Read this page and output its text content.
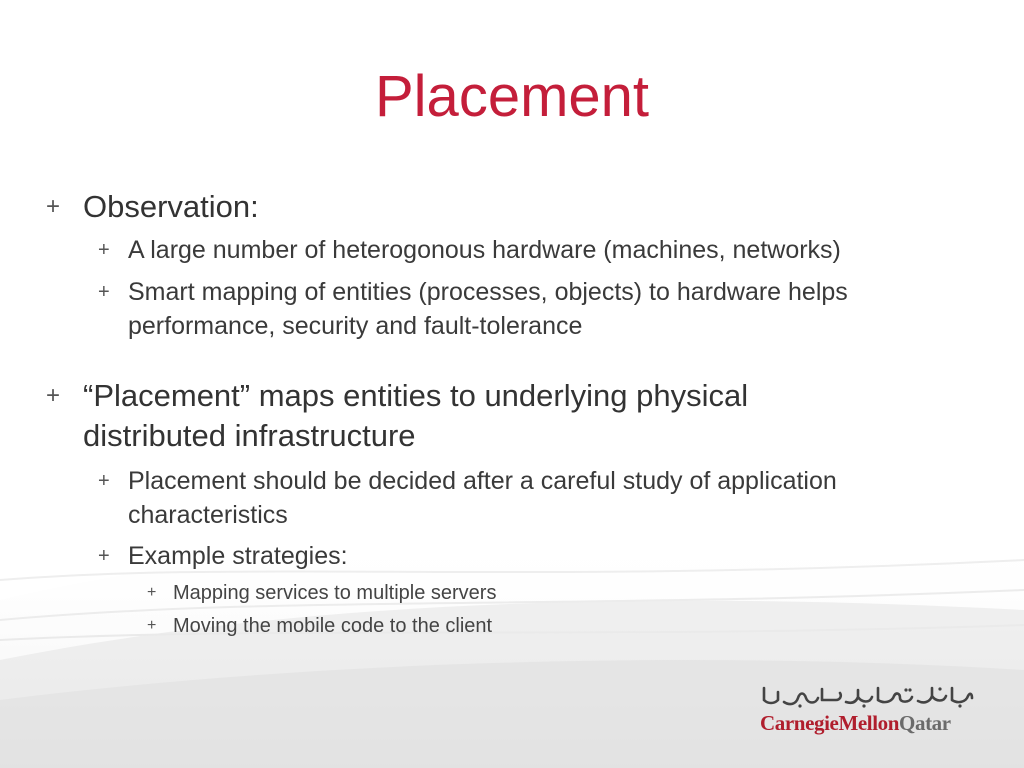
Placement
+ Observation:
+ A large number of heterogonous hardware (machines, networks)
+ Smart mapping of entities (processes, objects) to hardware helps
performance, security and fault-tolerance
+ “Placement” maps entities to underlying physical
distributed infrastructure
+ Placement should be decided after a careful study of application
characteristics
+ Example strategies:
+ Mapping services to multiple servers
+ Moving the mobile code to the client
CarnegieMellonQatar
